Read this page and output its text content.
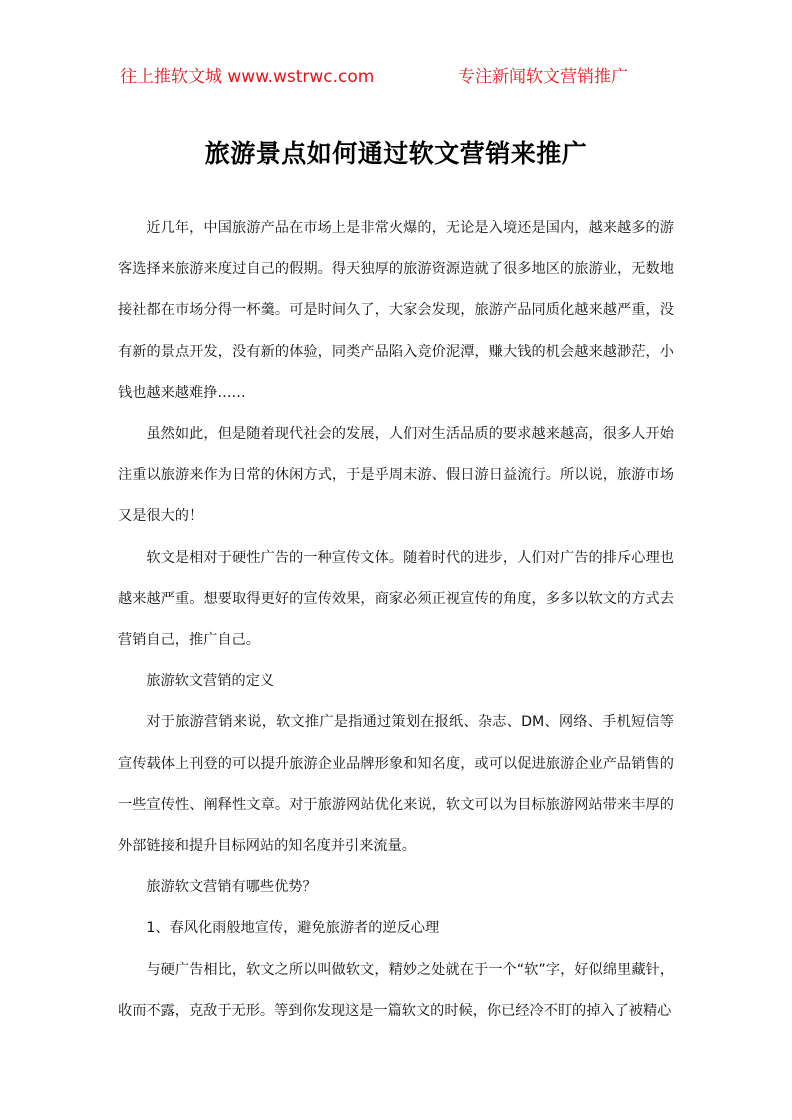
往上推软文城 www.wstrwc.com	专注新闻软文营销推广
旅游景点如何通过软文营销来推广

近几年，中国旅游产品在市场上是非常火爆的，无论是入境还是国内，越来越多的游客选择来旅游来度过自己的假期。得天独厚的旅游资源造就了很多地区的旅游业，无数地接社都在市场分得一杯羹。可是时间久了，大家会发现，旅游产品同质化越来越严重，没有新的景点开发，没有新的体验，同类产品陷入竞价泥潭，赚大钱的机会越来越渺茫，小钱也越来越难挣……

虽然如此，但是随着现代社会的发展，人们对生活品质的要求越来越高，很多人开始注重以旅游来作为日常的休闲方式，于是乎周末游、假日游日益流行。所以说，旅游市场又是很大的！

软文是相对于硬性广告的一种宣传文体。随着时代的进步，人们对广告的排斥心理也越来越严重。想要取得更好的宣传效果，商家必须正视宣传的角度，多多以软文的方式去营销自己，推广自己。

旅游软文营销的定义

对于旅游营销来说，软文推广是指通过策划在报纸、杂志、DM、网络、手机短信等宣传载体上刊登的可以提升旅游企业品牌形象和知名度，或可以促进旅游企业产品销售的一些宣传性、阐释性文章。对于旅游网站优化来说，软文可以为目标旅游网站带来丰厚的外部链接和提升目标网站的知名度并引来流量。

旅游软文营销有哪些优势？

1、春风化雨般地宣传，避免旅游者的逆反心理

与硬广告相比，软文之所以叫做软文，精妙之处就在于一个“软”字，好似绵里藏针，收而不露，克敌于无形。等到你发现这是一篇软文的时候，你已经冷不盯的掉入了被精心
